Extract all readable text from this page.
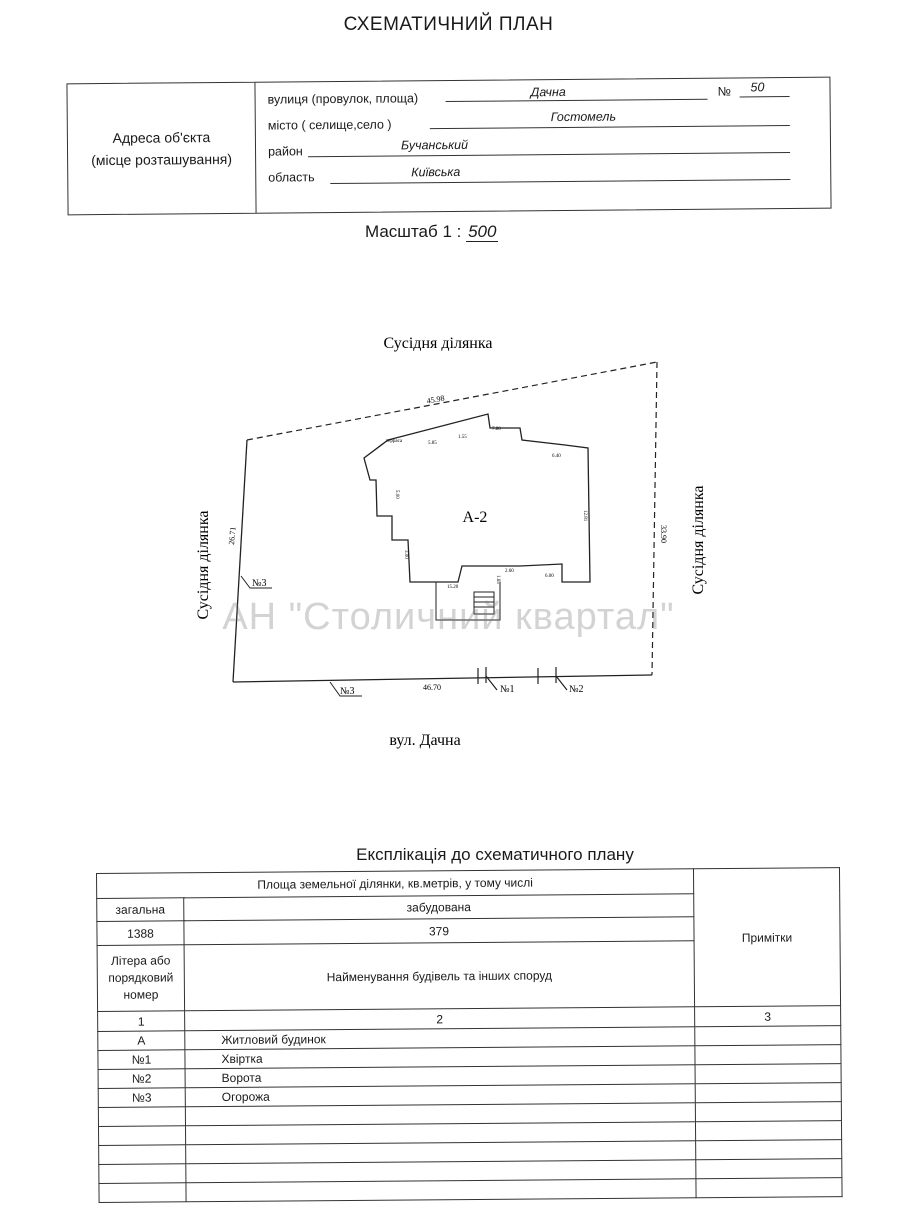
СХЕМАТИЧНИЙ ПЛАН
Адреса об'єкта
(місце розташування)
вулиця (провулок, площа)	Дачна	№ 50
місто ( селище,село )
Гостомель
район	Бучанський
область	Київська
Масштаб 1 : 500
Сусідня ділянка
45.98
46.70
26.71	33.90
А-2
терраса	5.85
1.55
7.80
6.40
12.81
5.00
3.00
15.20
2.60
1.65	6.00
№1	№2
№3
№3
Сусідня ділянка	Сусідня ділянка
вул. Дачна
АН "Столичний квартал"
Експлікація до схематичного плану
Площа земельної ділянки, кв.метрів, у тому числі		Примітки
загальна	забудована	
1388	379	
Літера або порядковий номер	Найменування будівель та інших споруд	
1	2	3
А	Житловий будинок	
№1	Хвіртка	
№2	Ворота	
№3	Огорожа	
